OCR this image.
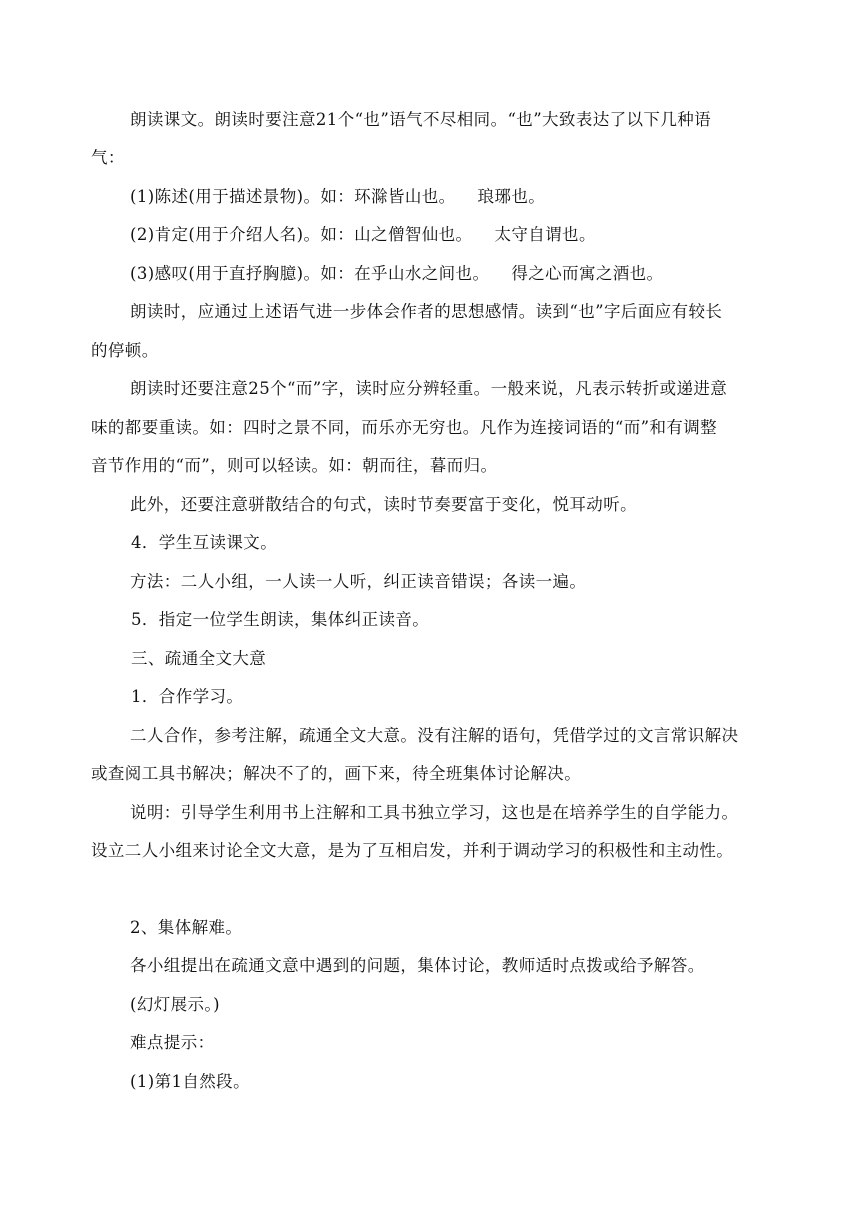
朗读课文。朗读时要注意21个“也”语气不尽相同。“也”大致表达了以下几种语
气：
(1)陈述(用于描述景物)。如：环滁皆山也。 琅琊也。
(2)肯定(用于介绍人名)。如：山之僧智仙也。 太守自谓也。
(3)感叹(用于直抒胸臆)。如：在乎山水之间也。 得之心而寓之酒也。
朗读时，应通过上述语气进一步体会作者的思想感情。读到“也”字后面应有较长
的停顿。
朗读时还要注意25个“而”字，读时应分辨轻重。一般来说，凡表示转折或递进意
味的都要重读。如：四时之景不同，而乐亦无穷也。凡作为连接词语的“而”和有调整
音节作用的“而”，则可以轻读。如：朝而往，暮而归。
此外，还要注意骈散结合的句式，读时节奏要富于变化，悦耳动听。
4．学生互读课文。
方法：二人小组，一人读一人听，纠正读音错误；各读一遍。
5．指定一位学生朗读，集体纠正读音。
三、疏通全文大意
1．合作学习。
二人合作，参考注解，疏通全文大意。没有注解的语句，凭借学过的文言常识解决
或查阅工具书解决；解决不了的，画下来，待全班集体讨论解决。
说明：引导学生利用书上注解和工具书独立学习，这也是在培养学生的自学能力。
设立二人小组来讨论全文大意，是为了互相启发，并利于调动学习的积极性和主动性。
2、集体解难。
各小组提出在疏通文意中遇到的问题，集体讨论，教师适时点拨或给予解答。
(幻灯展示。)
难点提示：
(1)第1自然段。
